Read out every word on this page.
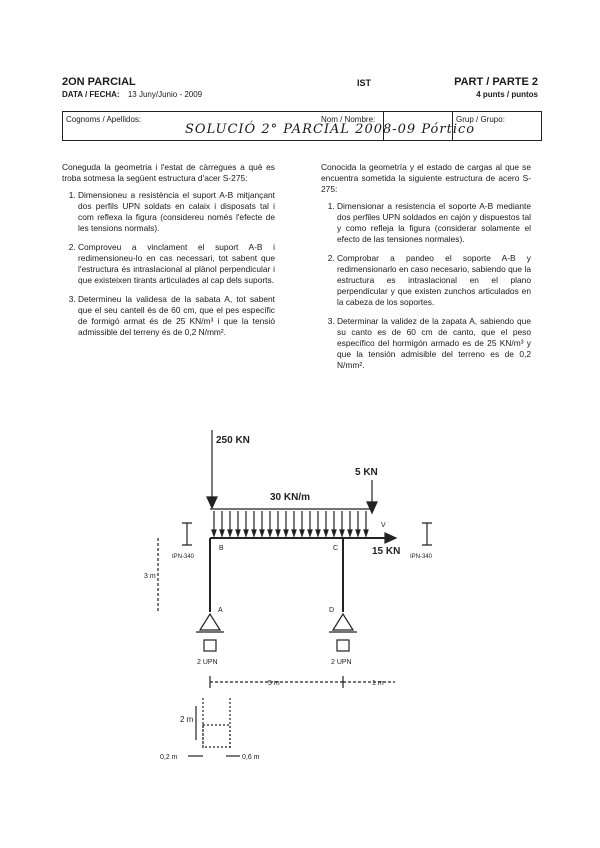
2ON PARCIAL
DATA / FECHA: 13 Juny/Junio - 2009
IST	PART / PARTE 2
4 punts / puntos
Cognoms / Apellidos:	Nom / Nombre:	Grup / Grupo:
SOLUCIÓ 2° PARCIAL 2008-09 Pórtico

Coneguda la geometria i l'estat de càrregues a què es troba sotmesa la següent estructura d'acer S-275:

1. Dimensioneu a resistència el suport A-B mitjançant dos perfils UPN soldats en calaix i disposats tal i com reflexa la figura (considereu només l'efecte de les tensions normals).
2. Comproveu a vinclament el suport A-B i redimensioneu-lo en cas necessari, tot sabent que l'estructura és intraslacional al plànol perpendicular i que existeixen tirants articulades al cap dels suports.
3. Determineu la validesa de la sabata A, tot sabent que el seu cantell és de 60 cm, que el pes específic de formigó armat és de 25 KN/m³ i que la tensió admissible del terreny és de 0,2 N/mm².

Conocida la geometría y el estado de cargas al que se encuentra sometida la siguiente estructura de acero S-275:

1. Dimensionar a resistencia el soporte A-B mediante dos perfiles UPN soldados en cajón y dispuestos tal y como refleja la figura (considerar solamente el efecto de las tensiones normales).
2. Comprobar a pandeo el soporte A-B y redimensionarlo en caso necesario, sabiendo que la estructura es intraslacional en el plano perpendicular y que existen zunchos articulados en la cabeza de los soportes.
3. Determinar la validez de la zapata A, sabiendo que su canto es de 60 cm de canto, que el peso específico del hormigón armado es de 25 KN/m³ y que la tensión admisible del terreno es de 0,2 N/mm².
250 KN
5 KN
30 KN/m
15 KN
IPN-340	IPN-340
B	C
V
A	D
3 m
2 UPN	2 UPN
5 m	1 m
2 m
0,2 m	0,6 m
